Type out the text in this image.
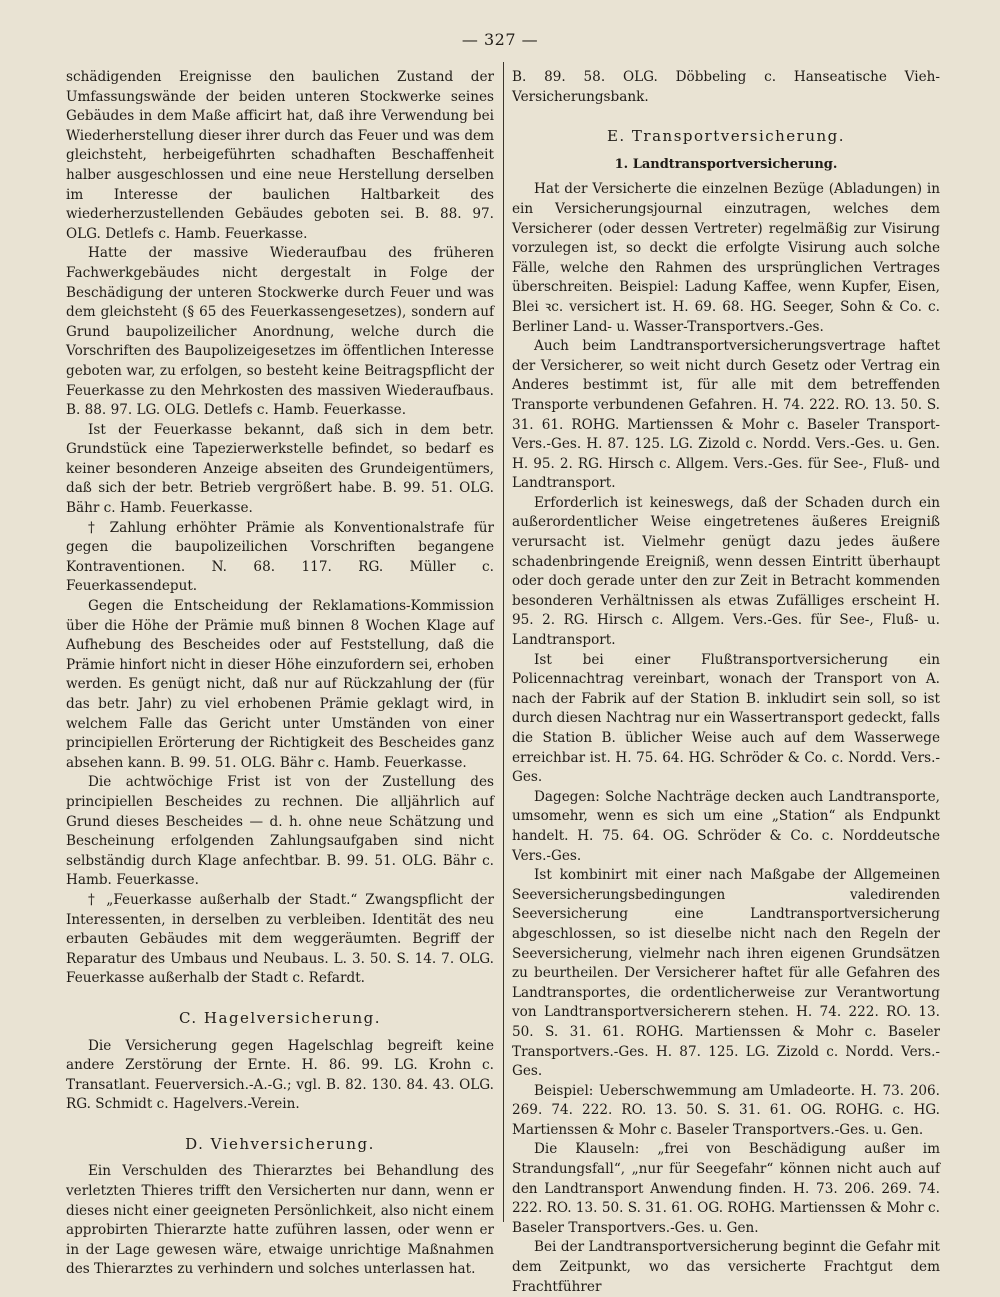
— 327 —

schädigenden Ereignisse den baulichen Zustand der Umfassungswände der beiden unteren Stockwerke seines Gebäudes in dem Maße afficirt hat, daß ihre Verwendung bei Wiederherstellung dieser ihrer durch das Feuer und was dem gleichsteht, herbeigeführten schadhaften Beschaffenheit halber ausgeschlossen und eine neue Herstellung derselben im Interesse der baulichen Haltbarkeit des wiederherzustellenden Gebäudes geboten sei. B. 88. 97. OLG. Detlefs c. Hamb. Feuerkasse.

Hatte der massive Wiederaufbau des früheren Fachwerkgebäudes nicht dergestalt in Folge der Beschädigung der unteren Stockwerke durch Feuer und was dem gleichsteht (§ 65 des Feuerkassengesetzes), sondern auf Grund baupolizeilicher Anordnung, welche durch die Vorschriften des Baupolizeigesetzes im öffentlichen Interesse geboten war, zu erfolgen, so besteht keine Beitragspflicht der Feuerkasse zu den Mehrkosten des massiven Wiederaufbaus. B. 88. 97. LG. OLG. Detlefs c. Hamb. Feuerkasse.

Ist der Feuerkasse bekannt, daß sich in dem betr. Grundstück eine Tapezierwerkstelle befindet, so bedarf es keiner besonderen Anzeige abseiten des Grundeigentümers, daß sich der betr. Betrieb vergrößert habe. B. 99. 51. OLG. Bähr c. Hamb. Feuerkasse.

† Zahlung erhöhter Prämie als Konventionalstrafe für gegen die baupolizeilichen Vorschriften begangene Kontraventionen. N. 68. 117. RG. Müller c. Feuerkassendeput.

Gegen die Entscheidung der Reklamations-Kommission über die Höhe der Prämie muß binnen 8 Wochen Klage auf Aufhebung des Bescheides oder auf Feststellung, daß die Prämie hinfort nicht in dieser Höhe einzufordern sei, erhoben werden. Es genügt nicht, daß nur auf Rückzahlung der (für das betr. Jahr) zu viel erhobenen Prämie geklagt wird, in welchem Falle das Gericht unter Umständen von einer principiellen Erörterung der Richtigkeit des Bescheides ganz absehen kann. B. 99. 51. OLG. Bähr c. Hamb. Feuerkasse.

Die achtwöchige Frist ist von der Zustellung des principiellen Bescheides zu rechnen. Die alljährlich auf Grund dieses Bescheides — d. h. ohne neue Schätzung und Bescheinung erfolgenden Zahlungsaufgaben sind nicht selbständig durch Klage anfechtbar. B. 99. 51. OLG. Bähr c. Hamb. Feuerkasse.

† „Feuerkasse außerhalb der Stadt.“ Zwangspflicht der Interessenten, in derselben zu verbleiben. Identität des neu erbauten Gebäudes mit dem weggeräumten. Begriff der Reparatur des Umbaus und Neubaus. L. 3. 50. S. 14. 7. OLG. Feuerkasse außerhalb der Stadt c. Refardt.

C. Hagelversicherung.

Die Versicherung gegen Hagelschlag begreift keine andere Zerstörung der Ernte. H. 86. 99. LG. Krohn c. Transatlant. Feuerversich.-A.-G.; vgl. B. 82. 130. 84. 43. OLG. RG. Schmidt c. Hagelvers.-Verein.

D. Viehversicherung.

Ein Verschulden des Thierarztes bei Behandlung des verletzten Thieres trifft den Versicherten nur dann, wenn er dieses nicht einer geeigneten Persönlichkeit, also nicht einem approbirten Thierarzte hatte zuführen lassen, oder wenn er in der Lage gewesen wäre, etwaige unrichtige Maßnahmen des Thierarztes zu verhindern und solches unterlassen hat.

B. 89. 58. OLG. Döbbeling c. Hanseatische Vieh-Versicherungsbank.

E. Transportversicherung.
1. Landtransportversicherung.

Hat der Versicherte die einzelnen Bezüge (Abladungen) in ein Versicherungsjournal einzutragen, welches dem Versicherer (oder dessen Vertreter) regelmäßig zur Visirung vorzulegen ist, so deckt die erfolgte Visirung auch solche Fälle, welche den Rahmen des ursprünglichen Vertrages überschreiten. Beispiel: Ladung Kaffee, wenn Kupfer, Eisen, Blei ꝛc. versichert ist. H. 69. 68. HG. Seeger, Sohn & Co. c. Berliner Land- u. Wasser-Transportvers.-Ges.

Auch beim Landtransportversicherungsvertrage haftet der Versicherer, so weit nicht durch Gesetz oder Vertrag ein Anderes bestimmt ist, für alle mit dem betreffenden Transporte verbundenen Gefahren. H. 74. 222. RO. 13. 50. S. 31. 61. ROHG. Martienssen & Mohr c. Baseler Transport-Vers.-Ges. H. 87. 125. LG. Zizold c. Nordd. Vers.-Ges. u. Gen. H. 95. 2. RG. Hirsch c. Allgem. Vers.-Ges. für See-, Fluß- und Landtransport.

Erforderlich ist keineswegs, daß der Schaden durch ein außerordentlicher Weise eingetretenes äußeres Ereigniß verursacht ist. Vielmehr genügt dazu jedes äußere schadenbringende Ereigniß, wenn dessen Eintritt überhaupt oder doch gerade unter den zur Zeit in Betracht kommenden besonderen Verhältnissen als etwas Zufälliges erscheint H. 95. 2. RG. Hirsch c. Allgem. Vers.-Ges. für See-, Fluß- u. Landtransport.

Ist bei einer Flußtransportversicherung ein Policennachtrag vereinbart, wonach der Transport von A. nach der Fabrik auf der Station B. inkludirt sein soll, so ist durch diesen Nachtrag nur ein Wassertransport gedeckt, falls die Station B. üblicher Weise auch auf dem Wasserwege erreichbar ist. H. 75. 64. HG. Schröder & Co. c. Nordd. Vers.-Ges.

Dagegen: Solche Nachträge decken auch Landtransporte, umsomehr, wenn es sich um eine „Station“ als Endpunkt handelt. H. 75. 64. OG. Schröder & Co. c. Norddeutsche Vers.-Ges.

Ist kombinirt mit einer nach Maßgabe der Allgemeinen Seeversicherungsbedingungen valedirenden Seeversicherung eine Landtransportversicherung abgeschlossen, so ist dieselbe nicht nach den Regeln der Seeversicherung, vielmehr nach ihren eigenen Grundsätzen zu beurtheilen. Der Versicherer haftet für alle Gefahren des Landtransportes, die ordentlicherweise zur Verantwortung von Landtransportversicherern stehen. H. 74. 222. RO. 13. 50. S. 31. 61. ROHG. Martienssen & Mohr c. Baseler Transportvers.-Ges. H. 87. 125. LG. Zizold c. Nordd. Vers.-Ges.

Beispiel: Ueberschwemmung am Umladeorte. H. 73. 206. 269. 74. 222. RO. 13. 50. S. 31. 61. OG. ROHG. c. HG. Martienssen & Mohr c. Baseler Transportvers.-Ges. u. Gen.

Die Klauseln: „frei von Beschädigung außer im Strandungsfall“, „nur für Seegefahr“ können nicht auch auf den Landtransport Anwendung finden. H. 73. 206. 269. 74. 222. RO. 13. 50. S. 31. 61. OG. ROHG. Martienssen & Mohr c. Baseler Transportvers.-Ges. u. Gen.

Bei der Landtransportversicherung beginnt die Gefahr mit dem Zeitpunkt, wo das versicherte Frachtgut dem Frachtführer
